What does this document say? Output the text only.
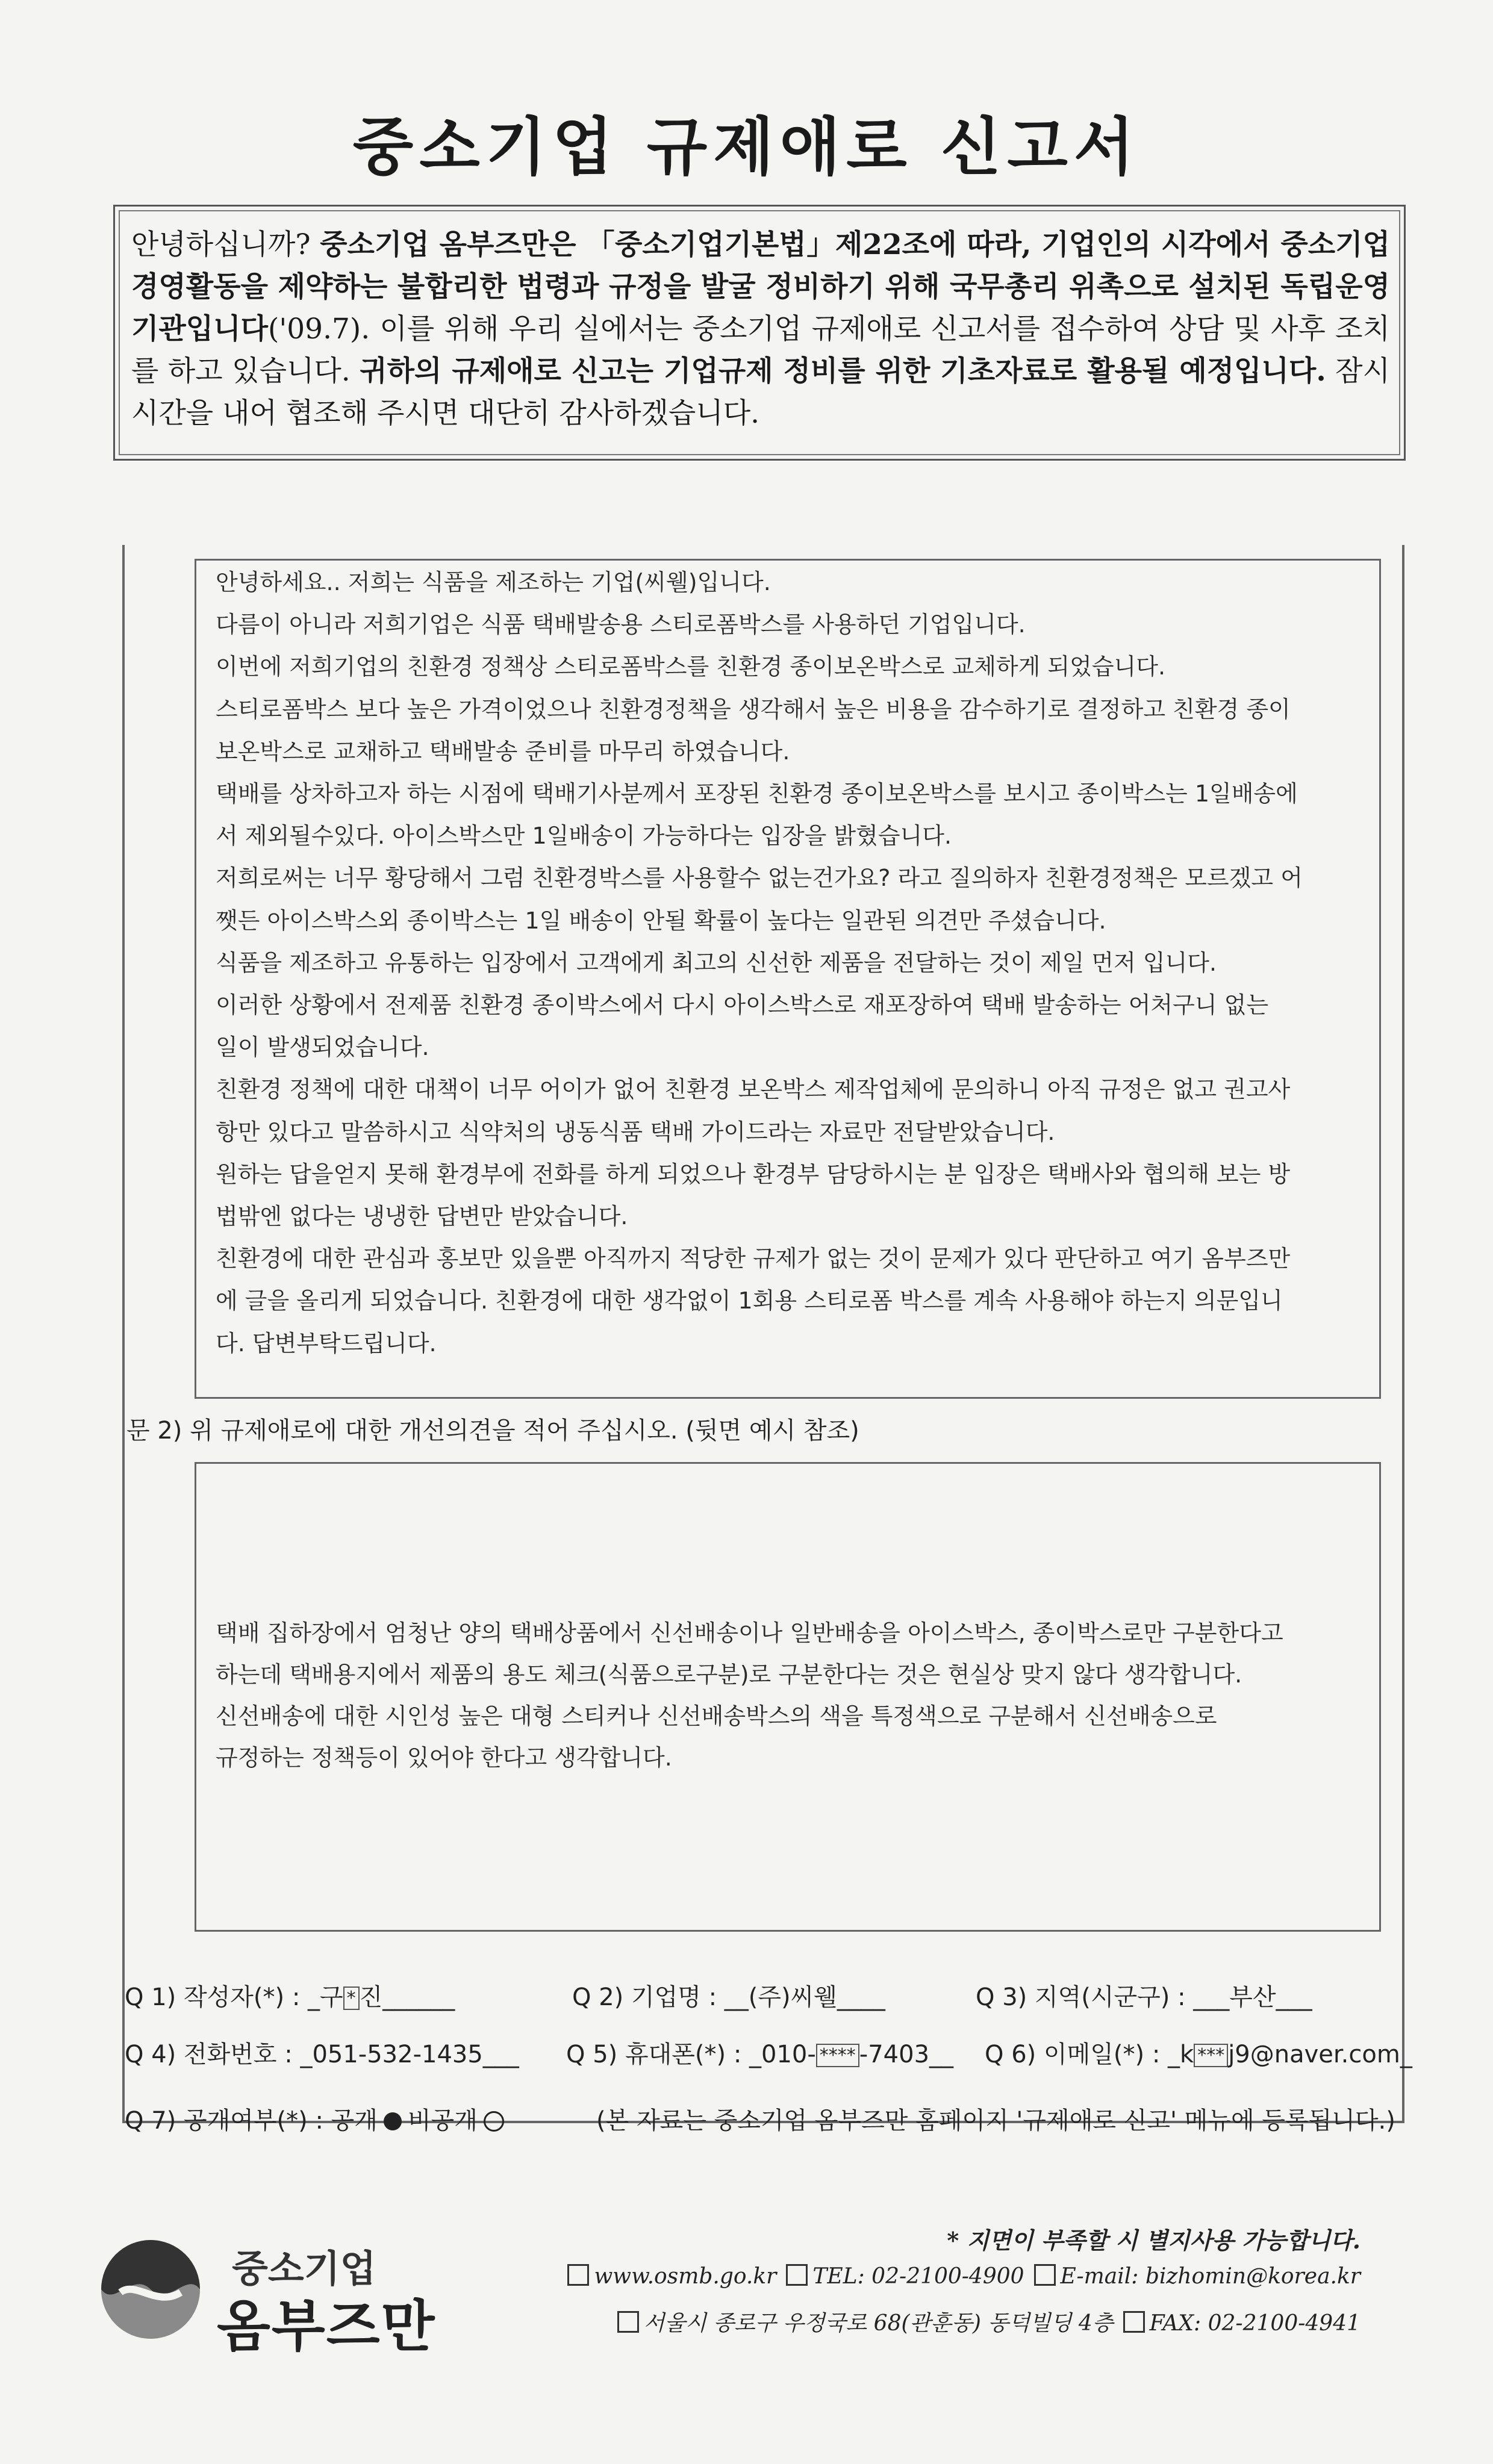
중소기업 규제애로 신고서
안녕하십니까? 중소기업 옴부즈만은 「중소기업기본법」제22조에 따라, 기업인의 시각에서 중소기업 경영활동을 제약하는 불합리한 법령과 규정을 발굴 정비하기 위해 국무총리 위촉으로 설치된 독립운영기관입니다('09.7). 이를 위해 우리 실에서는 중소기업 규제애로 신고서를 접수하여 상담 및 사후 조치를 하고 있습니다. 귀하의 규제애로 신고는 기업규제 정비를 위한 기초자료로 활용될 예정입니다. 잠시 시간을 내어 협조해 주시면 대단히 감사하겠습니다.
안녕하세요.. 저희는 식품을 제조하는 기업(씨웰)입니다.
다름이 아니라 저희기업은 식품 택배발송용 스티로폼박스를 사용하던 기업입니다.
이번에 저희기업의 친환경 정책상 스티로폼박스를 친환경 종이보온박스로 교체하게 되었습니다.
스티로폼박스 보다 높은 가격이었으나 친환경정책을 생각해서 높은 비용을 감수하기로 결정하고 친환경 종이
보온박스로 교채하고 택배발송 준비를 마무리 하였습니다.
택배를 상차하고자 하는 시점에 택배기사분께서 포장된 친환경 종이보온박스를 보시고 종이박스는 1일배송에
서 제외될수있다. 아이스박스만 1일배송이 가능하다는 입장을 밝혔습니다.
저희로써는 너무 황당해서 그럼 친환경박스를 사용할수 없는건가요? 라고 질의하자 친환경정책은 모르겠고 어
쨋든 아이스박스외 종이박스는 1일 배송이 안될 확률이 높다는 일관된 의견만 주셨습니다.
식품을 제조하고 유통하는 입장에서 고객에게 최고의 신선한 제품을 전달하는 것이 제일 먼저 입니다.
이러한 상황에서 전제품 친환경 종이박스에서 다시 아이스박스로 재포장하여 택배 발송하는 어처구니 없는
일이 발생되었습니다.
친환경 정책에 대한 대책이 너무 어이가 없어 친환경 보온박스 제작업체에 문의하니 아직 규정은 없고 권고사
항만 있다고 말씀하시고 식약처의 냉동식품 택배 가이드라는 자료만 전달받았습니다.
원하는 답을얻지 못해 환경부에 전화를 하게 되었으나 환경부 담당하시는 분 입장은 택배사와 협의해 보는 방
법밖엔 없다는 냉냉한 답변만 받았습니다.
친환경에 대한 관심과 홍보만 있을뿐 아직까지 적당한 규제가 없는 것이 문제가 있다 판단하고 여기 옴부즈만
에 글을 올리게 되었습니다. 친환경에 대한 생각없이 1회용 스티로폼 박스를 계속 사용해야 하는지 의문입니
다. 답변부탁드립니다.
문 2) 위 규제애로에 대한 개선의견을 적어 주십시오. (뒷면 예시 참조)
택배 집하장에서 엄청난 양의 택배상품에서 신선배송이나 일반배송을 아이스박스, 종이박스로만 구분한다고
하는데 택배용지에서 제품의 용도 체크(식품으로구분)로 구분한다는 것은 현실상 맞지 않다 생각합니다.
신선배송에 대한 시인성 높은 대형 스티커나 신선배송박스의 색을 특정색으로 구분해서 신선배송으로
규정하는 정책등이 있어야 한다고 생각합니다.
Q 1) 작성자(*) : _구 * 진______	Q 2) 기업명 : __(주)씨웰____	Q 3) 지역(시군구) : ___부산___
Q 4) 전화번호 : _051-532-1435___ Q 5) 휴대폰(*) : _010- **** -7403__ Q 6) 이메일(*) : _k *** j9@naver.com_
Q 7) 공개여부(*) : 공개 비공개	(본 자료는 중소기업 옴부즈만 홈페이지 '규제애로 신고' 메뉴에 등록됩니다.)
중소기업
옴부즈만
* 지면이 부족할 시 별지사용 가능합니다.
www.osmb.go.kr TEL: 02-2100-4900 E-mail: bizhomin@korea.kr
서울시 종로구 우정국로 68(관훈동) 동덕빌딩 4층 FAX: 02-2100-4941
